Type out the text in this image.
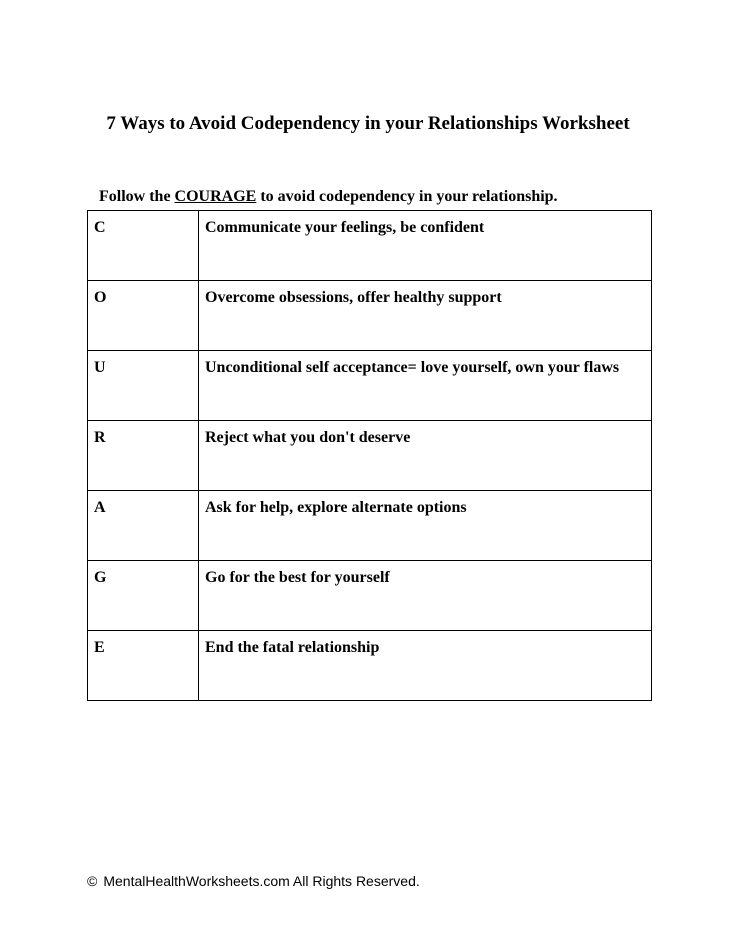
7 Ways to Avoid Codependency in your Relationships Worksheet

Follow the COURAGE to avoid codependency in your relationship.

C	Communicate your feelings, be confident
O	Overcome obsessions, offer healthy support
U	Unconditional self acceptance= love yourself, own your flaws
R	Reject what you don't deserve
A	Ask for help, explore alternate options
G	Go for the best for yourself
E	End the fatal relationship

© MentalHealthWorksheets.com All Rights Reserved.
